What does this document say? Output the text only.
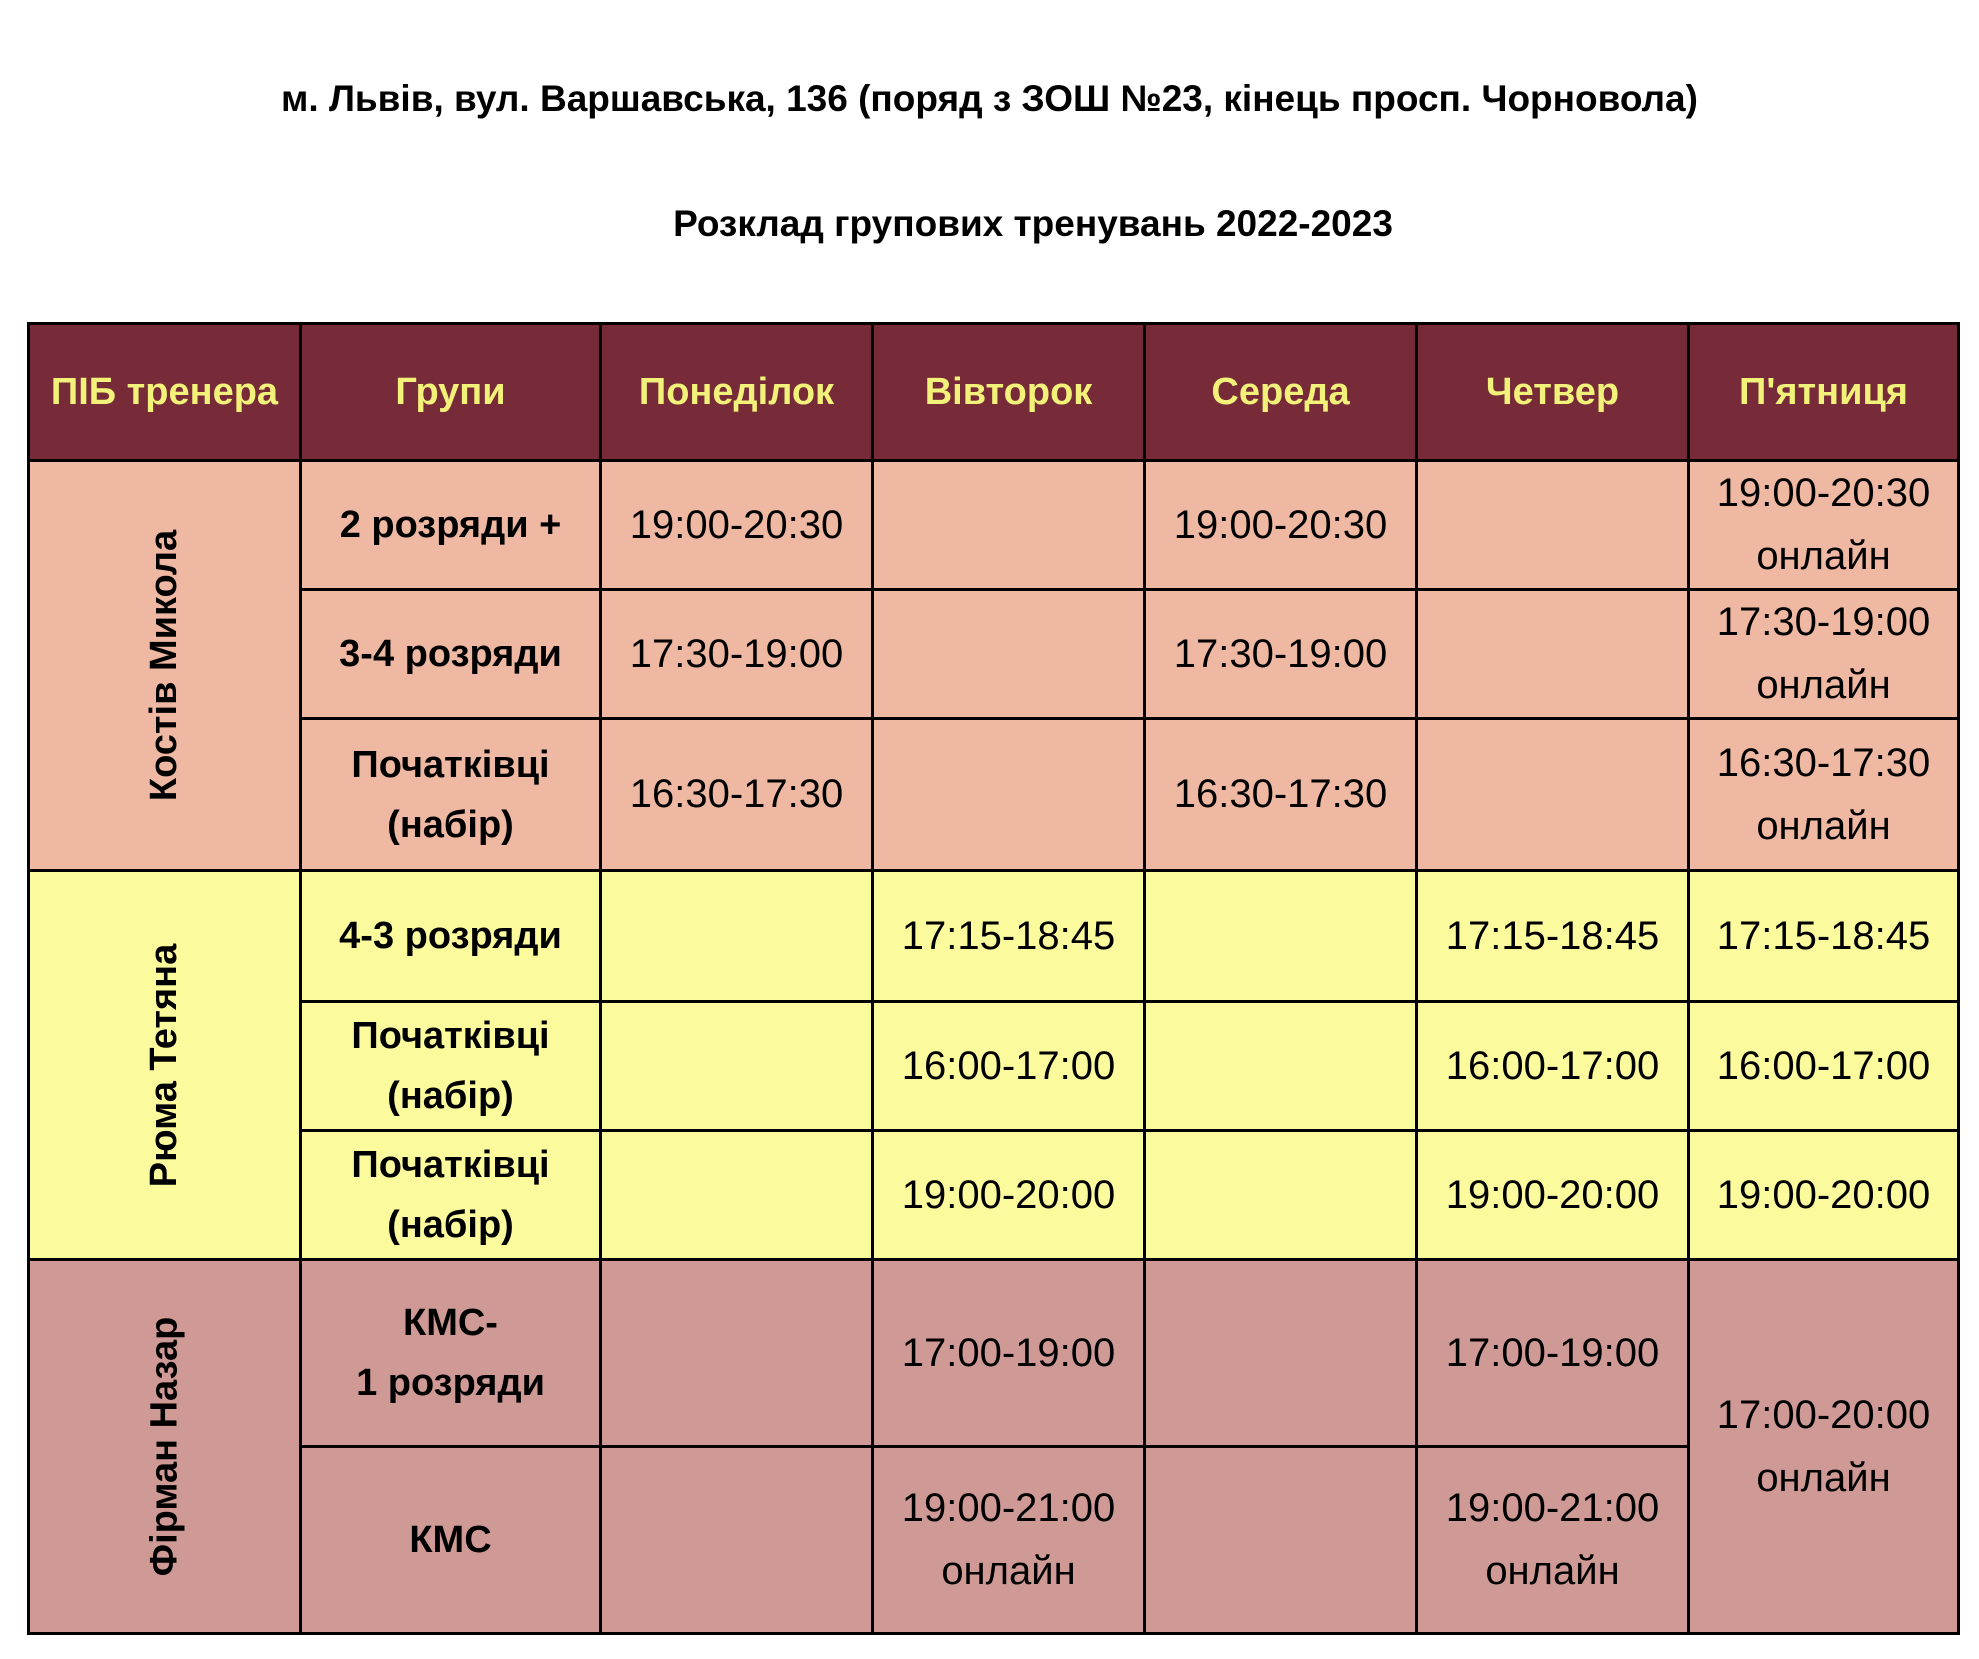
м. Львів, вул. Варшавська, 136 (поряд з ЗОШ №23, кінець просп. Чорновола)
Розклад групових тренувань 2022-2023
ПІБ тренера	Групи	Понеділок	Вівторок	Середа	Четвер	П'ятниця

Костів Микола	2 розряди +	19:00-20:30		19:00-20:30		19:00-20:30
онлайн

	3-4 розряди	17:30-19:00		17:30-19:00		17:30-19:00
онлайн

	Початківці
(набір)	16:30-17:30		16:30-17:30		16:30-17:30
онлайн

Рюма Тетяна	4-3 розряди		17:15-18:45		17:15-18:45	17:15-18:45

	Початківці
(набір)		16:00-17:00		16:00-17:00	16:00-17:00

	Початківці
(набір)		19:00-20:00		19:00-20:00	19:00-20:00

Фірман Назар	КМС-
1 розряди		17:00-19:00		17:00-19:00	17:00-20:00
онлайн

	КМС		19:00-21:00
онлайн		19:00-21:00
онлайн	
